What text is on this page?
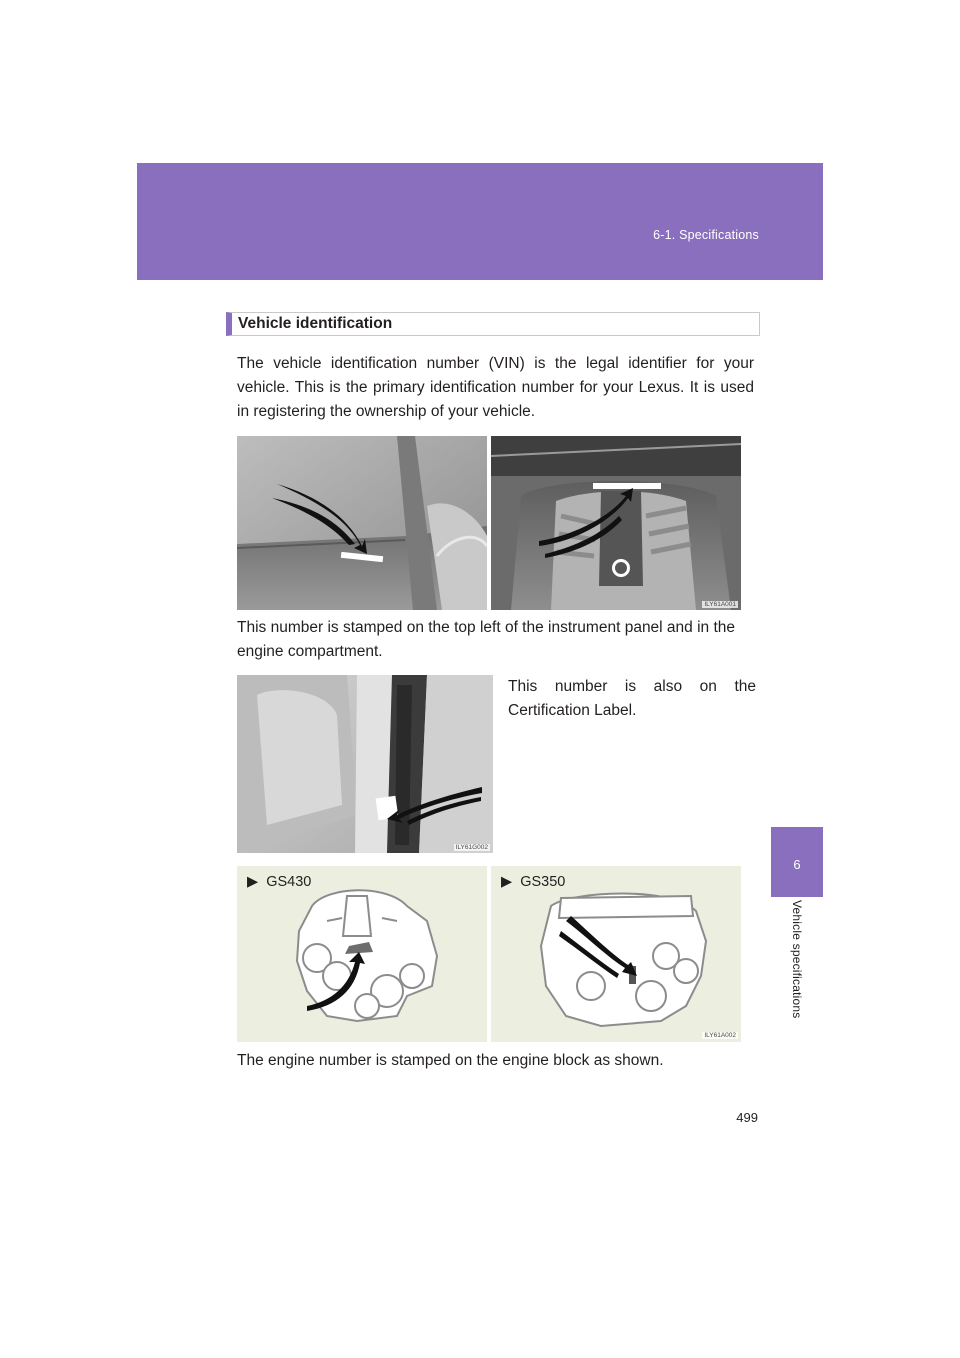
6-1. Specifications
6
Vehicle specifications
Vehicle identification

The vehicle identification number (VIN) is the legal identifier for your vehicle. This is the primary identification number for your Lexus. It is used in registering the ownership of your vehicle.

ILY61A001

This number is stamped on the top left of the instrument panel and in the engine compartment.

ILY61G002

This number is also on the Certification Label.

▶ GS430	▶ GS350
ILY61A002

The engine number is stamped on the engine block as shown.

499
